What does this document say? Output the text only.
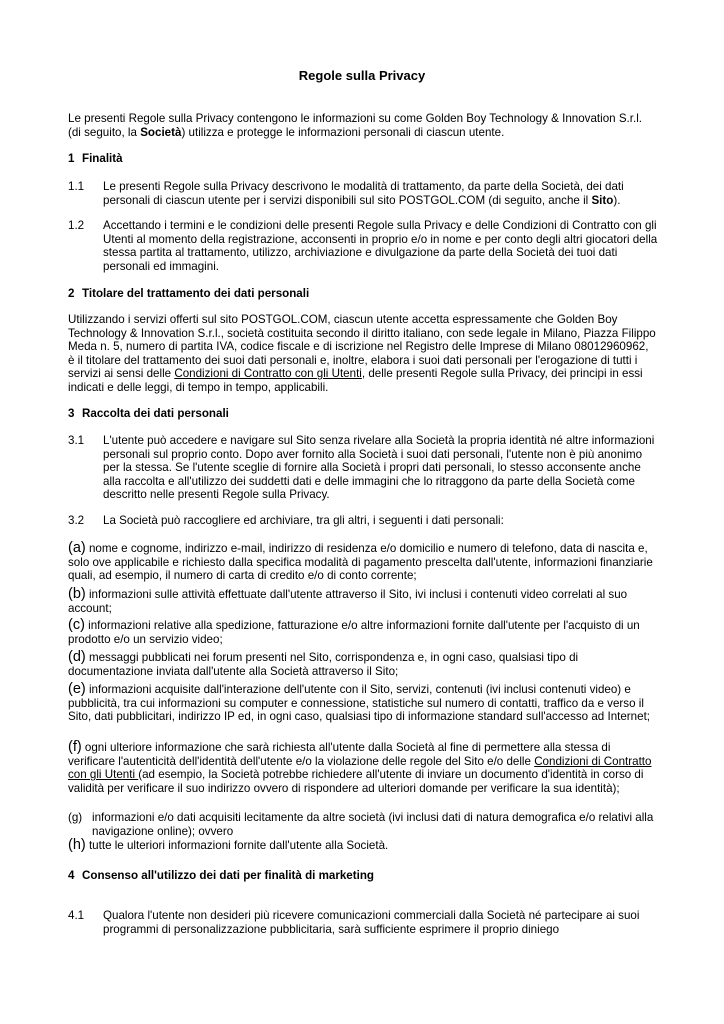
Regole sulla Privacy

Le presenti Regole sulla Privacy contengono le informazioni su come Golden Boy Technology & Innovation S.r.l. (di seguito, la Società) utilizza e protegge le informazioni personali di ciascun utente.

1 Finalità
1.1	Le presenti Regole sulla Privacy descrivono le modalità di trattamento, da parte della Società, dei dati personali di ciascun utente per i servizi disponibili sul sito POSTGOL.COM (di seguito, anche il Sito).
1.2	Accettando i termini e le condizioni delle presenti Regole sulla Privacy e delle Condizioni di Contratto con gli Utenti al momento della registrazione, acconsenti in proprio e/o in nome e per conto degli altri giocatori della stessa partita al trattamento, utilizzo, archiviazione e divulgazione da parte della Società dei tuoi dati personali ed immagini.
2 Titolare del trattamento dei dati personali

Utilizzando i servizi offerti sul sito POSTGOL.COM, ciascun utente accetta espressamente che Golden Boy Technology & Innovation S.r.l., società costituita secondo il diritto italiano, con sede legale in Milano, Piazza Filippo Meda n. 5, numero di partita IVA, codice fiscale e di iscrizione nel Registro delle Imprese di Milano 08012960962, è il titolare del trattamento dei suoi dati personali e, inoltre, elabora i suoi dati personali per l'erogazione di tutti i servizi ai sensi delle Condizioni di Contratto con gli Utenti, delle presenti Regole sulla Privacy, dei principi in essi indicati e delle leggi, di tempo in tempo, applicabili.

3 Raccolta dei dati personali
3.1	L'utente può accedere e navigare sul Sito senza rivelare alla Società la propria identità né altre informazioni personali sul proprio conto. Dopo aver fornito alla Società i suoi dati personali, l'utente non è più anonimo per la stessa. Se l'utente sceglie di fornire alla Società i propri dati personali, lo stesso acconsente anche alla raccolta e all'utilizzo dei suddetti dati e delle immagini che lo ritraggono da parte della Società come descritto nelle presenti Regole sulla Privacy.
3.2	La Società può raccogliere ed archiviare, tra gli altri, i seguenti i dati personali:

(a) nome e cognome, indirizzo e-mail, indirizzo di residenza e/o domicilio e numero di telefono, data di nascita e, solo ove applicabile e richiesto dalla specifica modalità di pagamento prescelta dall'utente, informazioni finanziarie quali, ad esempio, il numero di carta di credito e/o di conto corrente;

(b) informazioni sulle attività effettuate dall'utente attraverso il Sito, ivi inclusi i contenuti video correlati al suo account;

(c) informazioni relative alla spedizione, fatturazione e/o altre informazioni fornite dall'utente per l'acquisto di un prodotto e/o un servizio video;

(d) messaggi pubblicati nei forum presenti nel Sito, corrispondenza e, in ogni caso, qualsiasi tipo di documentazione inviata dall'utente alla Società attraverso il Sito;

(e) informazioni acquisite dall'interazione dell'utente con il Sito, servizi, contenuti (ivi inclusi contenuti video) e pubblicità, tra cui informazioni su computer e connessione, statistiche sul numero di contatti, traffico da e verso il Sito, dati pubblicitari, indirizzo IP ed, in ogni caso, qualsiasi tipo di informazione standard sull'accesso ad Internet;

(f) ogni ulteriore informazione che sarà richiesta all'utente dalla Società al fine di permettere alla stessa di verificare l'autenticità dell'identità dell'utente e/o la violazione delle regole del Sito e/o delle Condizioni di Contratto con gli Utenti (ad esempio, la Società potrebbe richiedere all'utente di inviare un documento d'identità in corso di validità per verificare il suo indirizzo ovvero di rispondere ad ulteriori domande per verificare la sua identità);

(g) informazioni e/o dati acquisiti lecitamente da altre società (ivi inclusi dati di natura demografica e/o relativi alla navigazione online); ovvero

(h) tutte le ulteriori informazioni fornite dall'utente alla Società.

4 Consenso all'utilizzo dei dati per finalità di marketing
4.1	Qualora l'utente non desideri più ricevere comunicazioni commerciali dalla Società né partecipare ai suoi programmi di personalizzazione pubblicitaria, sarà sufficiente esprimere il proprio diniego
